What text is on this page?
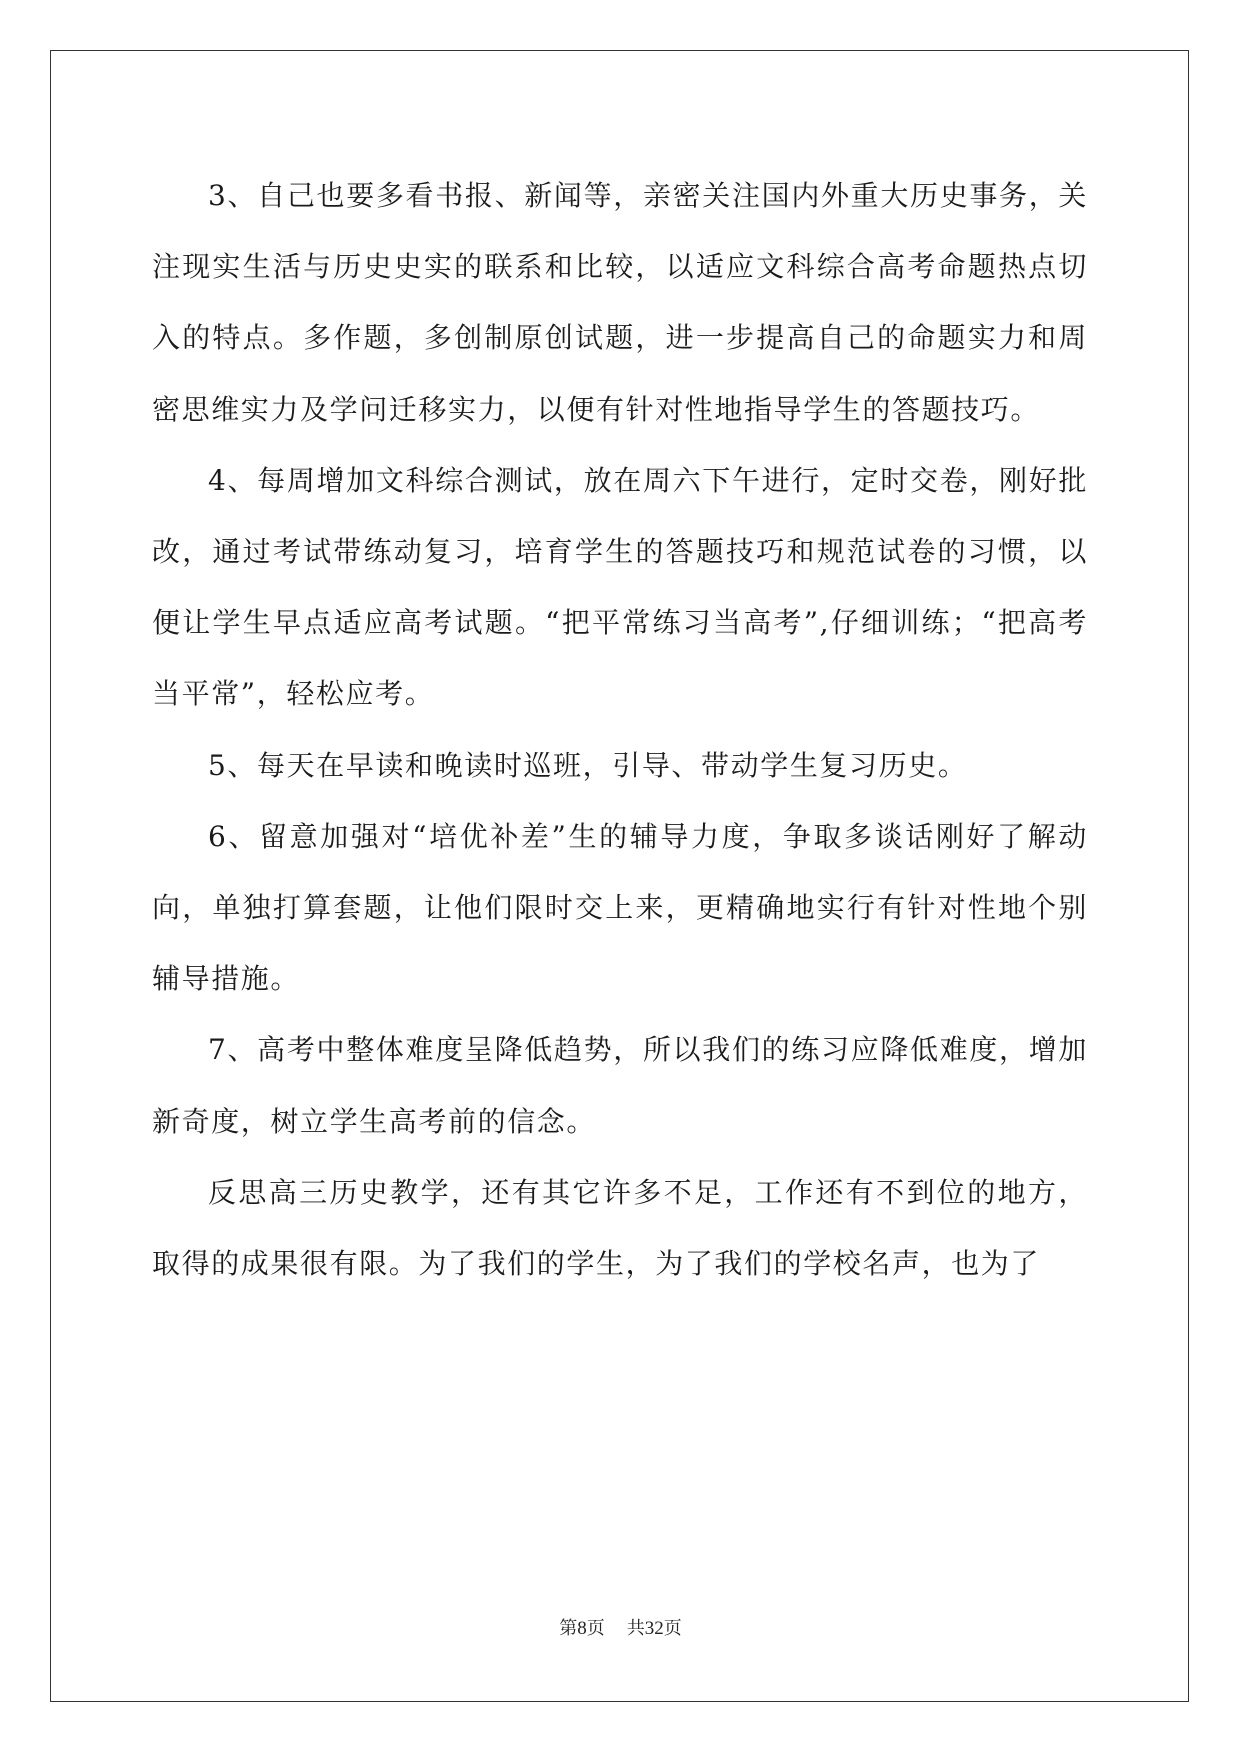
3、自己也要多看书报、新闻等，亲密关注国内外重大历史事务，关注现实生活与历史史实的联系和比较，以适应文科综合高考命题热点切入的特点。多作题，多创制原创试题，进一步提高自己的命题实力和周密思维实力及学问迁移实力，以便有针对性地指导学生的答题技巧。

4、每周增加文科综合测试，放在周六下午进行，定时交卷，刚好批改，通过考试带练动复习，培育学生的答题技巧和规范试卷的习惯，以便让学生早点适应高考试题。“把平常练习当高考”,仔细训练；“把高考当平常”，轻松应考。

5、每天在早读和晚读时巡班，引导、带动学生复习历史。

6、留意加强对“培优补差”生的辅导力度，争取多谈话刚好了解动向，单独打算套题，让他们限时交上来，更精确地实行有针对性地个别辅导措施。

7、高考中整体难度呈降低趋势，所以我们的练习应降低难度，增加新奇度，树立学生高考前的信念。

反思高三历史教学，还有其它许多不足，工作还有不到位的地方，取得的成果很有限。为了我们的学生，为了我们的学校名声，也为了

第8页 共32页
